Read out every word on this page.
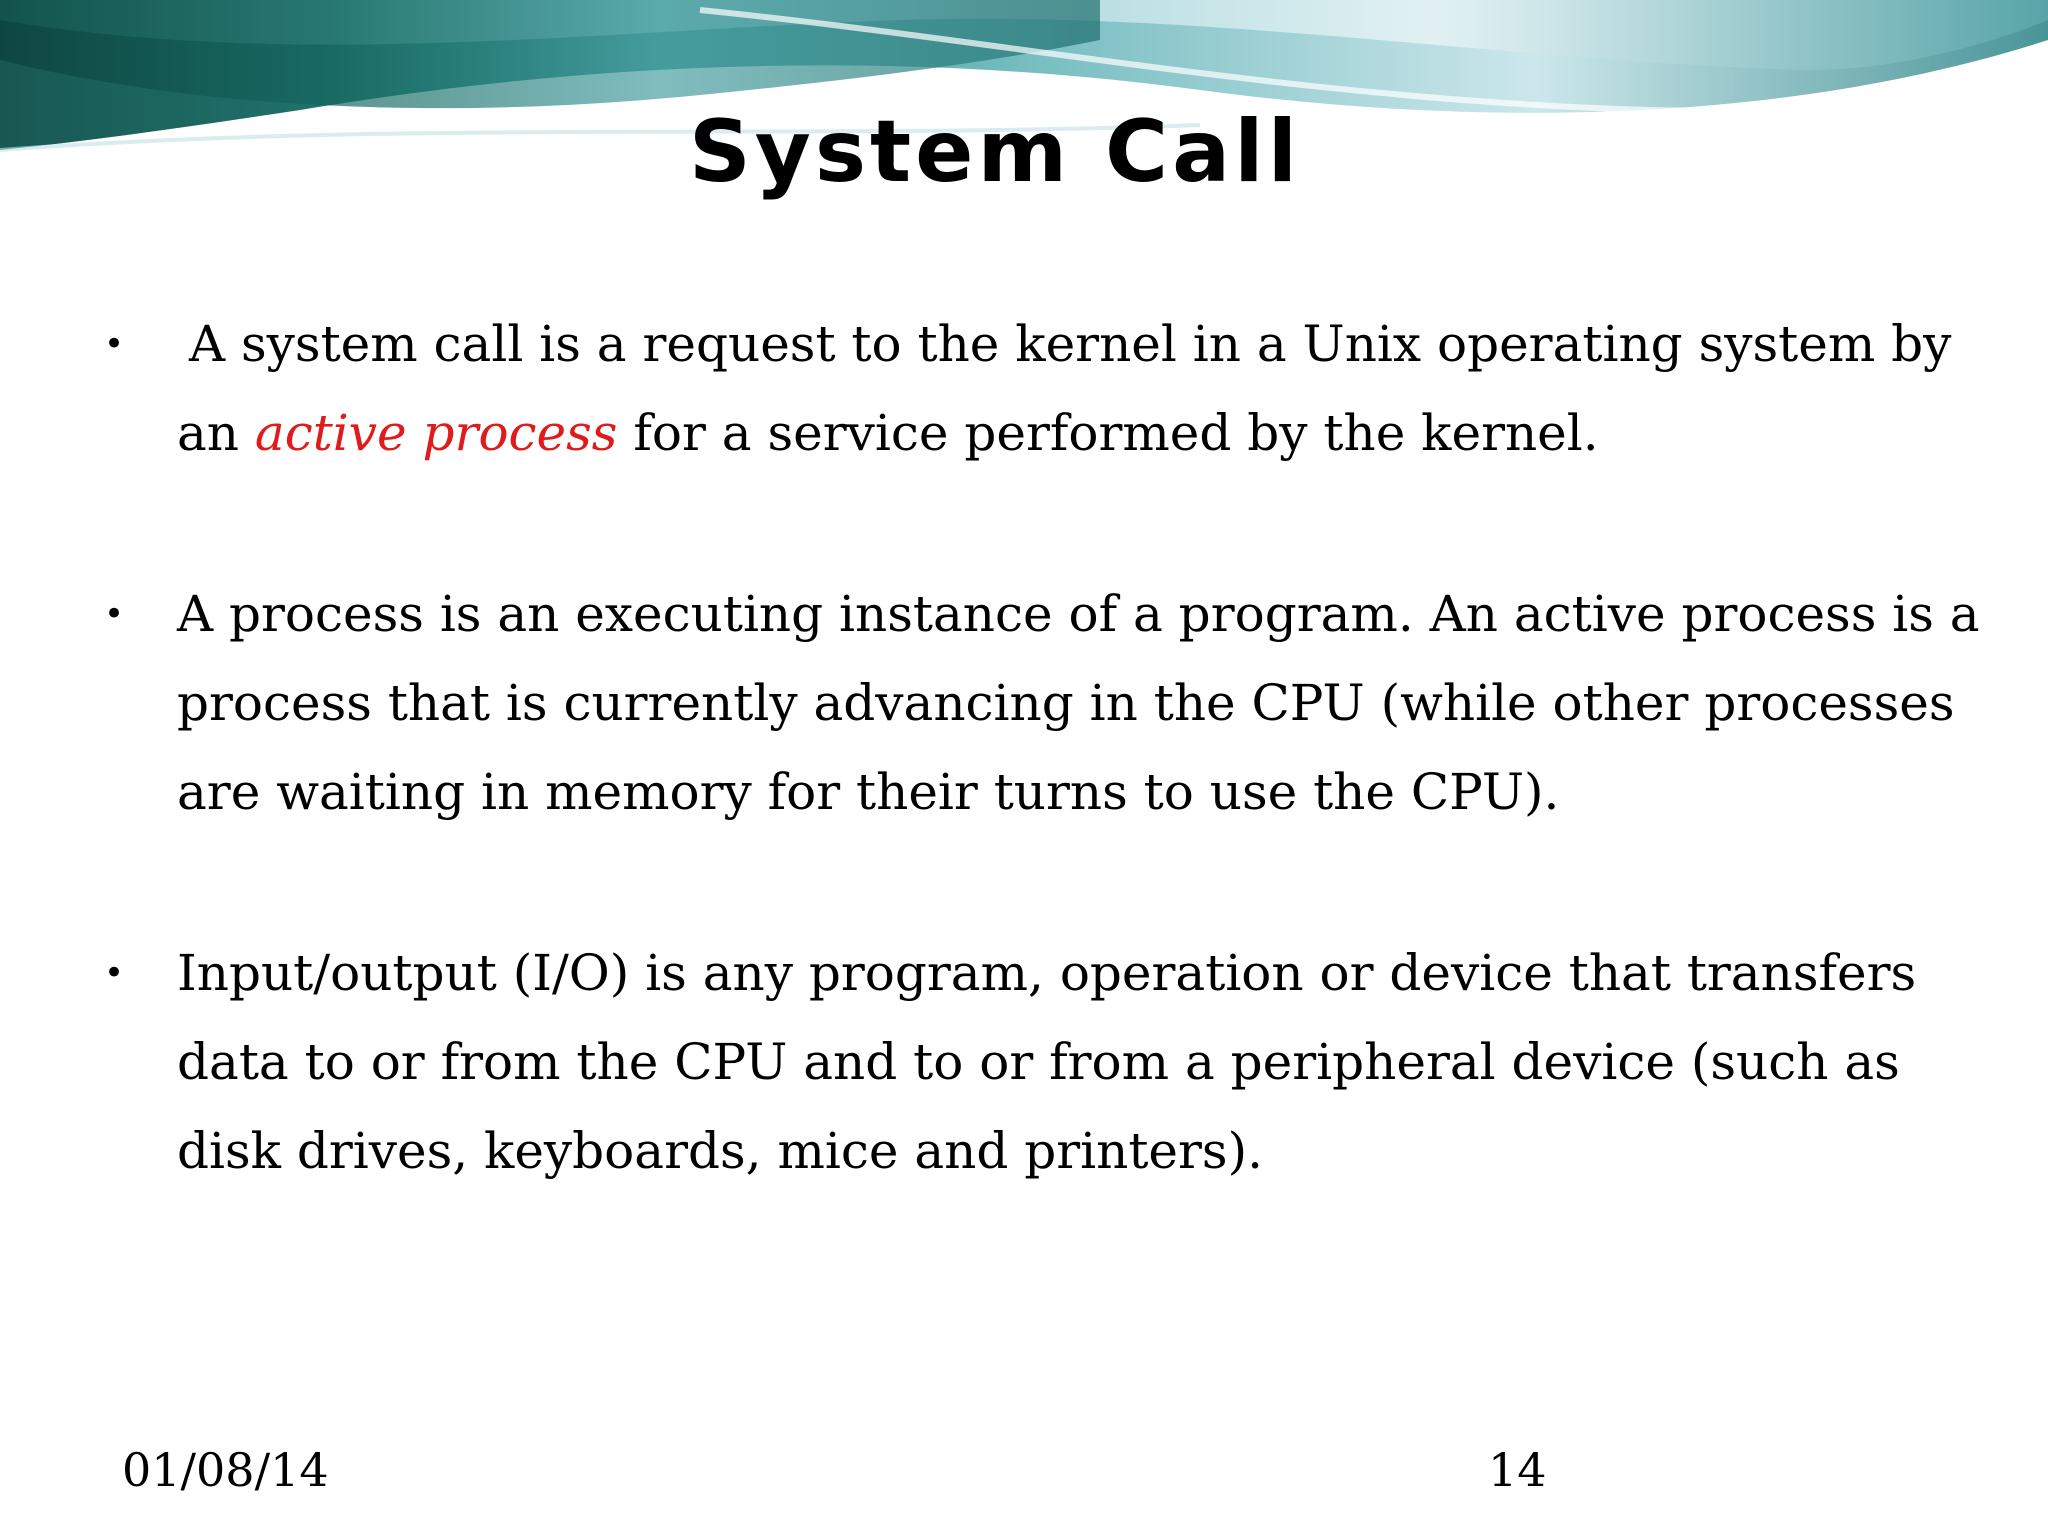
System Call
• A system call is a request to the kernel in a Unix operating system by an active process for a service performed by the kernel.
• A process is an executing instance of a program. An active process is a process that is currently advancing in the CPU (while other processes are waiting in memory for their turns to use the CPU).
• Input/output (I/O) is any program, operation or device that transfers data to or from the CPU and to or from a peripheral device (such as disk drives, keyboards, mice and printers).
01/08/14	14
